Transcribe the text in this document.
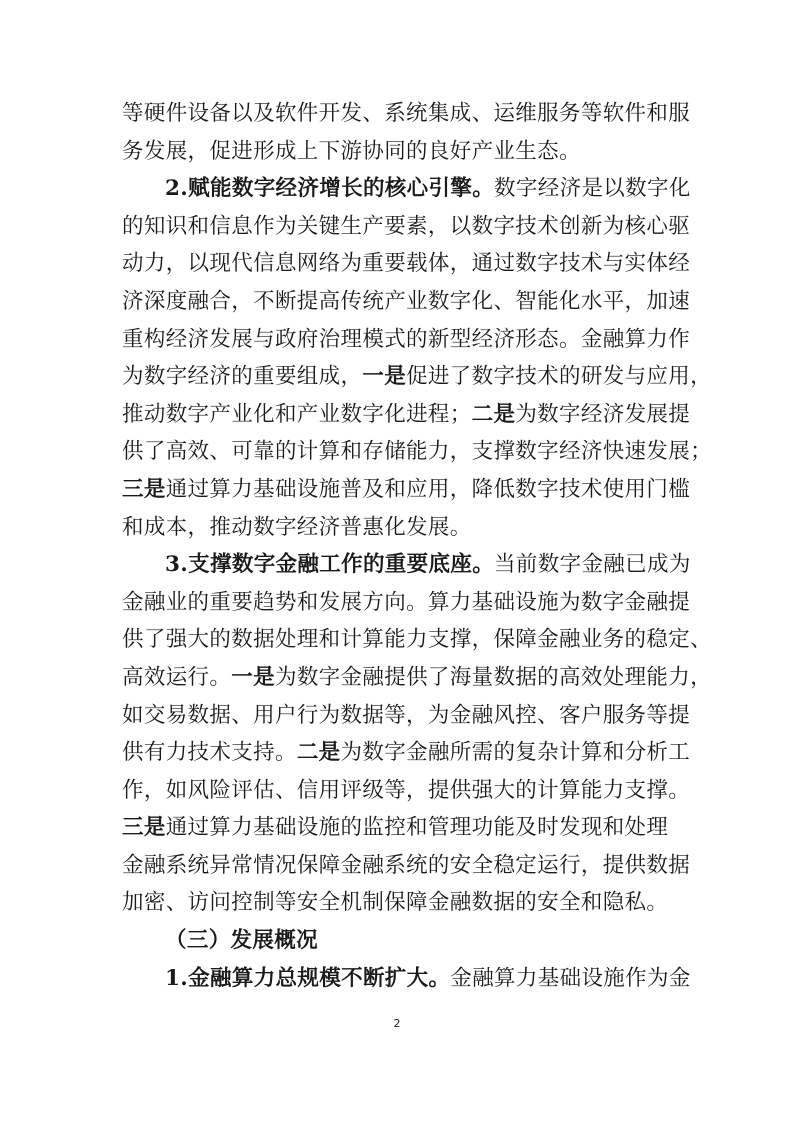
等硬件设备以及软件开发、系统集成、运维服务等软件和服
务发展，促进形成上下游协同的良好产业生态。
2.赋能数字经济增长的核心引擎。 数字经济是以数字化
的知识和信息作为关键生产要素，以数字技术创新为核心驱
动力，以现代信息网络为重要载体，通过数字技术与实体经
济深度融合，不断提高传统产业数字化、智能化水平，加速
重构经济发展与政府治理模式的新型经济形态。金融算力作
为数字经济的重要组成， 一是 促进了数字技术的研发与应用，
推动数字产业化和产业数字化进程； 二是 为数字经济发展提
供了高效、可靠的计算和存储能力，支撑数字经济快速发展；
三是 通过算力基础设施普及和应用，降低数字技术使用门槛
和成本，推动数字经济普惠化发展。
3.支撑数字金融工作的重要底座。 当前数字金融已成为
金融业的重要趋势和发展方向。算力基础设施为数字金融提
供了强大的数据处理和计算能力支撑，保障金融业务的稳定、
高效运行。 一是 为数字金融提供了海量数据的高效处理能力，
如交易数据、用户行为数据等，为金融风控、客户服务等提
供有力技术支持。 二是 为数字金融所需的复杂计算和分析工
作，如风险评估、信用评级等，提供强大的计算能力支撑。
三是 通过算力基础设施的监控和管理功能及时发现和处理
金融系统异常情况保障金融系统的安全稳定运行，提供数据
加密、访问控制等安全机制保障金融数据的安全和隐私。
（三）发展概况
1.金融算力总规模不断扩大。 金融算力基础设施作为金
2
